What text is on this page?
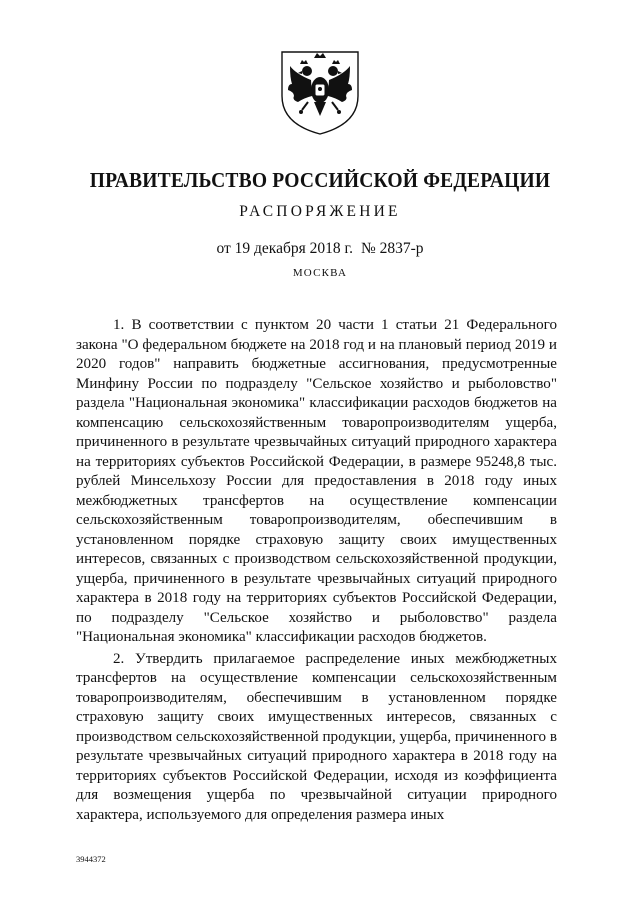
ПРАВИТЕЛЬСТВО РОССИЙСКОЙ ФЕДЕРАЦИИ
РАСПОРЯЖЕНИЕ
от 19 декабря 2018 г. № 2837-р
МОСКВА

1. В соответствии с пунктом 20 части 1 статьи 21 Федерального закона "О федеральном бюджете на 2018 год и на плановый период 2019 и 2020 годов" направить бюджетные ассигнования, предусмотренные Минфину России по подразделу "Сельское хозяйство и рыболовство" раздела "Национальная экономика" классификации расходов бюджетов на компенсацию сельскохозяйственным товаропроизводителям ущерба, причиненного в результате чрезвычайных ситуаций природного характера на территориях субъектов Российской Федерации, в размере 95248,8 тыс. рублей Минсельхозу России для предоставления в 2018 году иных межбюджетных трансфертов на осуществление компенсации сельскохозяйственным товаропроизводителям, обеспечившим в установленном порядке страховую защиту своих имущественных интересов, связанных с производством сельскохозяйственной продукции, ущерба, причиненного в результате чрезвычайных ситуаций природного характера в 2018 году на территориях субъектов Российской Федерации, по подразделу "Сельское хозяйство и рыболовство" раздела "Национальная экономика" классификации расходов бюджетов.

2. Утвердить прилагаемое распределение иных межбюджетных трансфертов на осуществление компенсации сельскохозяйственным товаропроизводителям, обеспечившим в установленном порядке страховую защиту своих имущественных интересов, связанных с производством сельскохозяйственной продукции, ущерба, причиненного в результате чрезвычайных ситуаций природного характера в 2018 году на территориях субъектов Российской Федерации, исходя из коэффициента для возмещения ущерба по чрезвычайной ситуации природного характера, используемого для определения размера иных

3944372
